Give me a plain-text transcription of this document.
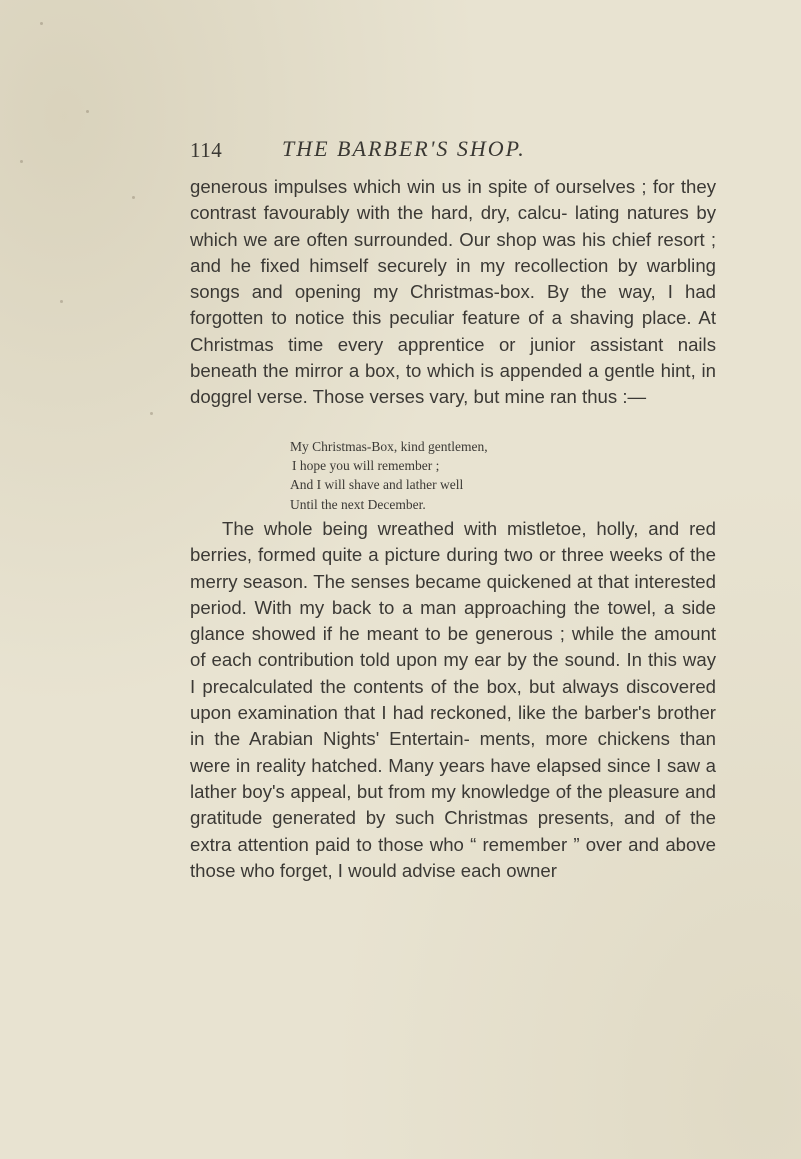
114	THE BARBER'S SHOP.

generous impulses which win us in spite of ourselves ; for they contrast favourably with the hard, dry, calcu- lating natures by which we are often surrounded. Our shop was his chief resort ; and he fixed himself securely in my recollection by warbling songs and opening my Christmas-box. By the way, I had forgotten to notice this peculiar feature of a shaving place. At Christmas time every apprentice or junior assistant nails beneath the mirror a box, to which is appended a gentle hint, in doggrel verse. Those verses vary, but mine ran thus :—

My Christmas-Box, kind gentlemen,
I hope you will remember ;
And I will shave and lather well
Until the next December.

The whole being wreathed with mistletoe, holly, and red berries, formed quite a picture during two or three weeks of the merry season. The senses became quickened at that interested period. With my back to a man approaching the towel, a side glance showed if he meant to be generous ; while the amount of each contribution told upon my ear by the sound. In this way I precalculated the contents of the box, but always discovered upon examination that I had reckoned, like the barber's brother in the Arabian Nights' Entertain- ments, more chickens than were in reality hatched. Many years have elapsed since I saw a lather boy's appeal, but from my knowledge of the pleasure and gratitude generated by such Christmas presents, and of the extra attention paid to those who “ remember ” over and above those who forget, I would advise each owner
